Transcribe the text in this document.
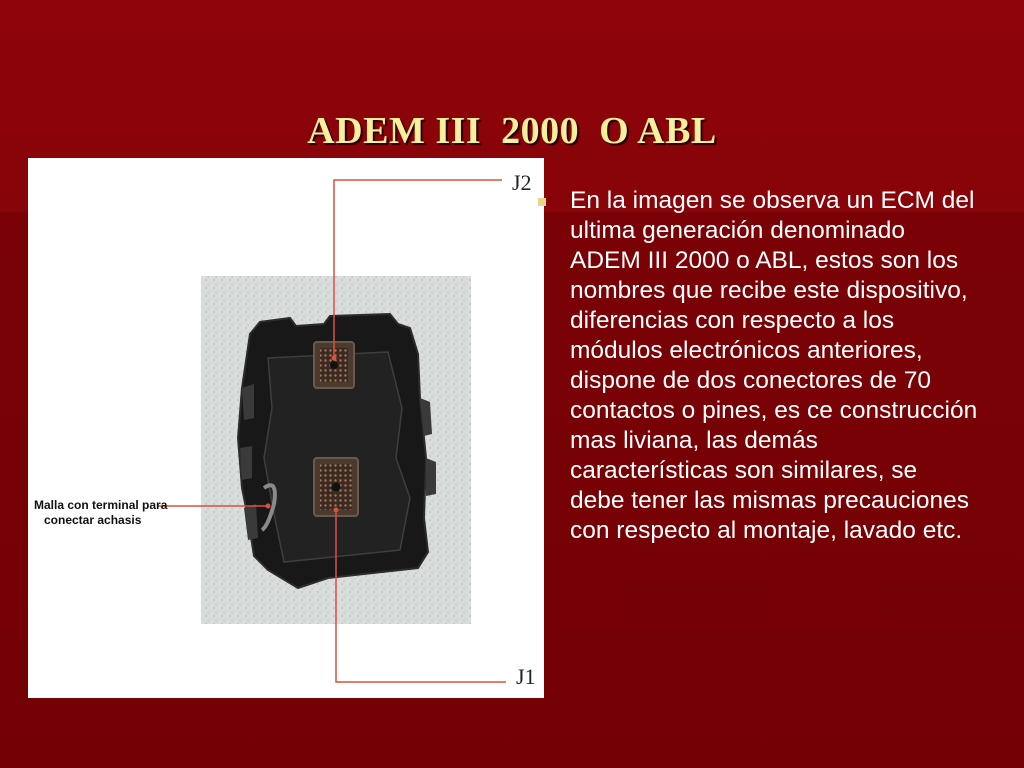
ADEM III  2000  O ABL
J2
J1
Malla con terminal para
conectar achasis
En la imagen se observa un ECM del ultima generación denominado ADEM III 2000 o ABL, estos son los nombres que recibe este dispositivo, diferencias con respecto a los módulos electrónicos anteriores, dispone de dos conectores de 70 contactos o pines, es ce construcción mas liviana, las demás características son similares, se debe tener las mismas precauciones con respecto al montaje, lavado etc.
